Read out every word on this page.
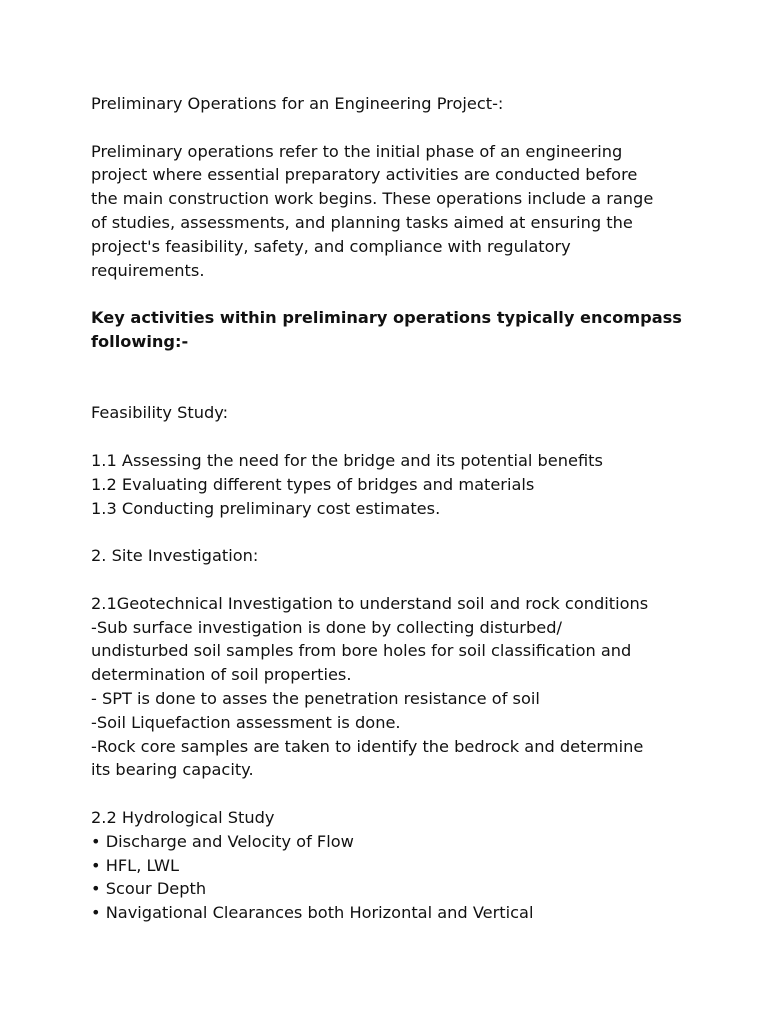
Preliminary Operations for an Engineering Project-:
Preliminary operations refer to the initial phase of an engineering
project where essential preparatory activities are conducted before
the main construction work begins. These operations include a range
of studies, assessments, and planning tasks aimed at ensuring the
project's feasibility, safety, and compliance with regulatory
requirements.
Key activities within preliminary operations typically encompass
following:-
Feasibility Study:
1.1 Assessing the need for the bridge and its potential benefits
1.2 Evaluating different types of bridges and materials
1.3 Conducting preliminary cost estimates.
2. Site Investigation:
2.1Geotechnical Investigation to understand soil and rock conditions
-Sub surface investigation is done by collecting disturbed/
undisturbed soil samples from bore holes for soil classification and
determination of soil properties.
- SPT is done to asses the penetration resistance of soil
-Soil Liquefaction assessment is done.
-Rock core samples are taken to identify the bedrock and determine
its bearing capacity.
2.2 Hydrological Study
• Discharge and Velocity of Flow
• HFL, LWL
• Scour Depth
• Navigational Clearances both Horizontal and Vertical
